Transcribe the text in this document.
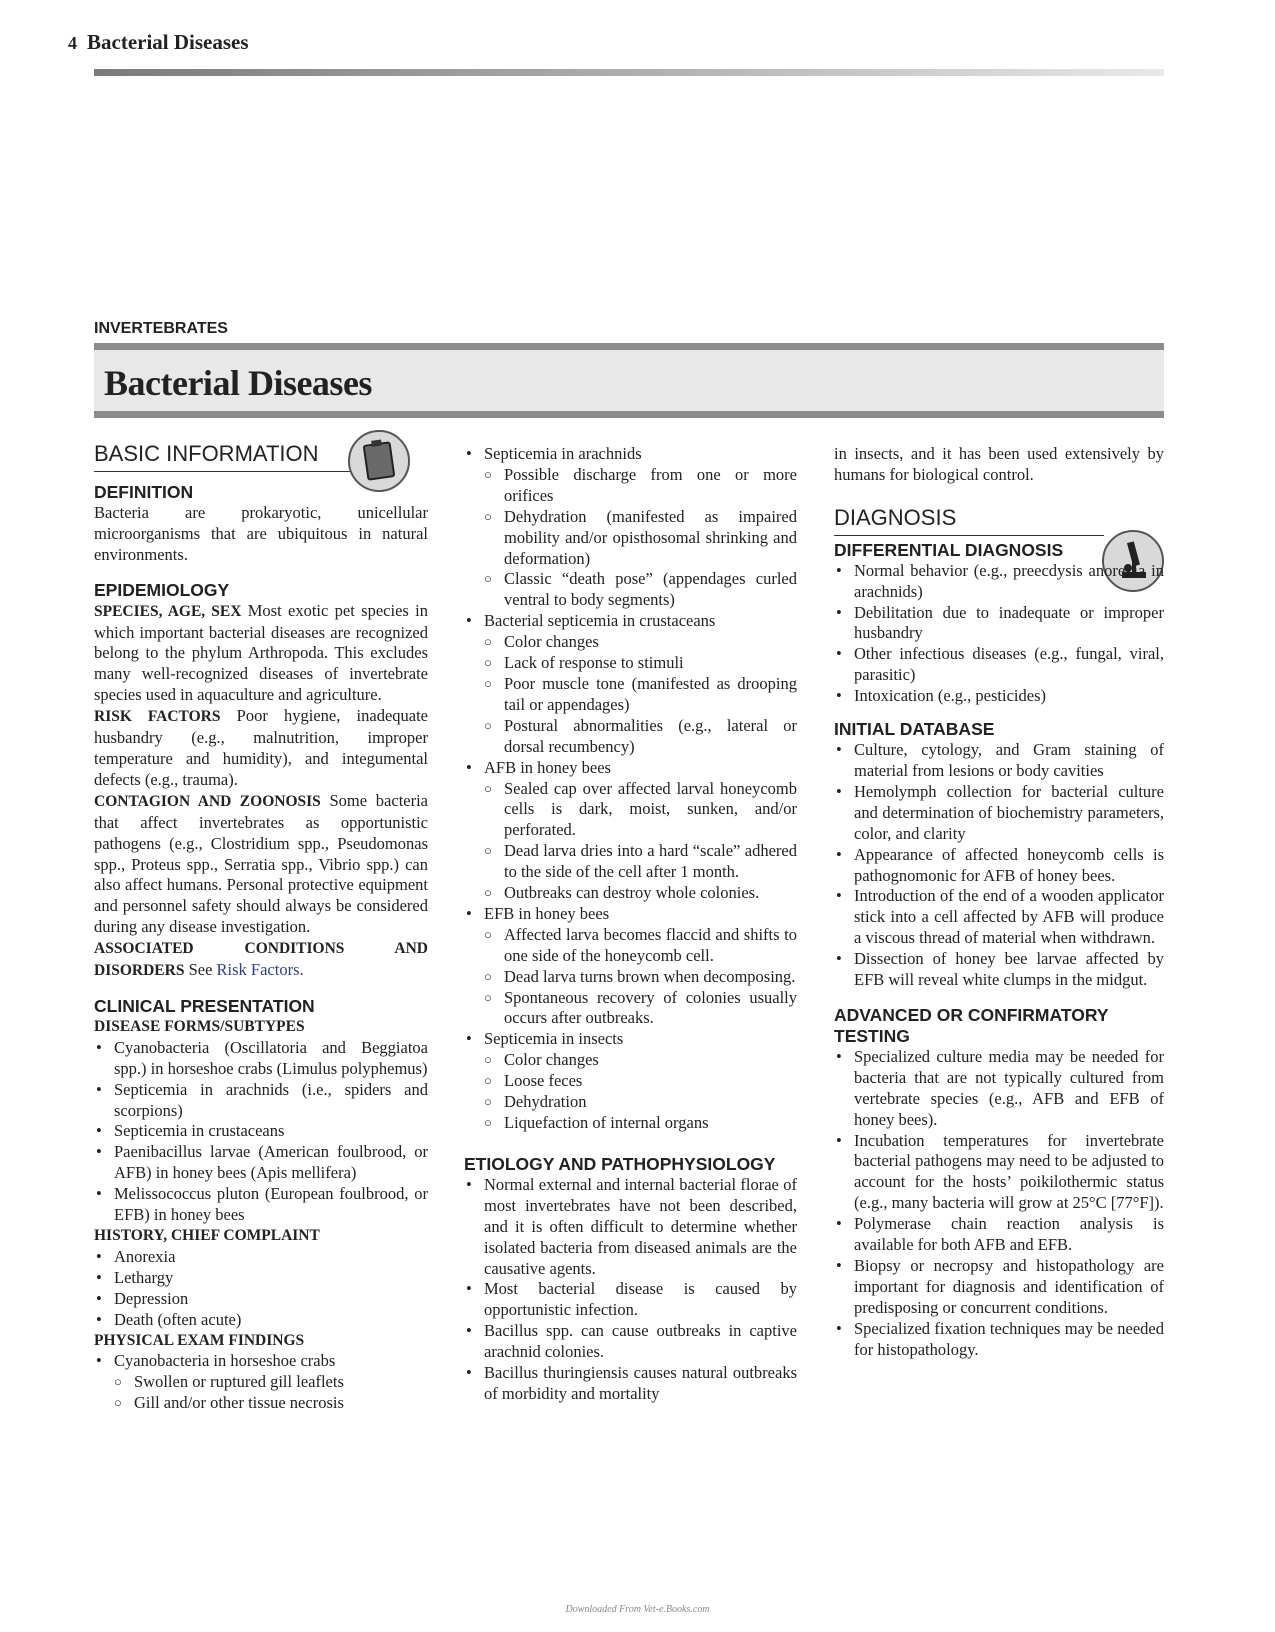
4 Bacterial Diseases
INVERTEBRATES
Bacterial Diseases
BASIC INFORMATION
DEFINITION
Bacteria are prokaryotic, unicellular microorganisms that are ubiquitous in natural environments.
EPIDEMIOLOGY
SPECIES, AGE, SEX Most exotic pet species in which important bacterial diseases are recognized belong to the phylum Arthropoda. This excludes many well-recognized diseases of invertebrate species used in aquaculture and agriculture.
RISK FACTORS Poor hygiene, inadequate husbandry (e.g., malnutrition, improper temperature and humidity), and integumental defects (e.g., trauma).
CONTAGION AND ZOONOSIS Some bacteria that affect invertebrates as opportunistic pathogens (e.g., Clostridium spp., Pseudomonas spp., Proteus spp., Serratia spp., Vibrio spp.) can also affect humans. Personal protective equipment and personnel safety should always be considered during any disease investigation.
ASSOCIATED CONDITIONS AND DISORDERS See Risk Factors.
CLINICAL PRESENTATION
DISEASE FORMS/SUBTYPES
• Cyanobacteria (Oscillatoria and Beggiatoa spp.) in horseshoe crabs (Limulus polyphemus)
• Septicemia in arachnids (i.e., spiders and scorpions)
• Septicemia in crustaceans
• Paenibacillus larvae (American foulbrood, or AFB) in honey bees (Apis mellifera)
• Melissococcus pluton (European foulbrood, or EFB) in honey bees
HISTORY, CHIEF COMPLAINT
• Anorexia
• Lethargy
• Depression
• Death (often acute)
PHYSICAL EXAM FINDINGS
• Cyanobacteria in horseshoe crabs
○ Swollen or ruptured gill leaflets
○ Gill and/or other tissue necrosis
• Septicemia in arachnids
○ Possible discharge from one or more orifices
○ Dehydration (manifested as impaired mobility and/or opisthosomal shrinking and deformation)
○ Classic “death pose” (appendages curled ventral to body segments)
• Bacterial septicemia in crustaceans
○ Color changes
○ Lack of response to stimuli
○ Poor muscle tone (manifested as drooping tail or appendages)
○ Postural abnormalities (e.g., lateral or dorsal recumbency)
• AFB in honey bees
○ Sealed cap over affected larval honeycomb cells is dark, moist, sunken, and/or perforated.
○ Dead larva dries into a hard “scale” adhered to the side of the cell after 1 month.
○ Outbreaks can destroy whole colonies.
• EFB in honey bees
○ Affected larva becomes flaccid and shifts to one side of the honeycomb cell.
○ Dead larva turns brown when decomposing.
○ Spontaneous recovery of colonies usually occurs after outbreaks.
• Septicemia in insects
○ Color changes
○ Loose feces
○ Dehydration
○ Liquefaction of internal organs
ETIOLOGY AND PATHOPHYSIOLOGY
• Normal external and internal bacterial florae of most invertebrates have not been described, and it is often difficult to determine whether isolated bacteria from diseased animals are the causative agents.
• Most bacterial disease is caused by opportunistic infection.
• Bacillus spp. can cause outbreaks in captive arachnid colonies.
• Bacillus thuringiensis causes natural outbreaks of morbidity and mortality
in insects, and it has been used extensively by humans for biological control.
DIAGNOSIS
DIFFERENTIAL DIAGNOSIS
• Normal behavior (e.g., preecdysis anorexia in arachnids)
• Debilitation due to inadequate or improper husbandry
• Other infectious diseases (e.g., fungal, viral, parasitic)
• Intoxication (e.g., pesticides)
INITIAL DATABASE
• Culture, cytology, and Gram staining of material from lesions or body cavities
• Hemolymph collection for bacterial culture and determination of biochemistry parameters, color, and clarity
• Appearance of affected honeycomb cells is pathognomonic for AFB of honey bees.
• Introduction of the end of a wooden applicator stick into a cell affected by AFB will produce a viscous thread of material when withdrawn.
• Dissection of honey bee larvae affected by EFB will reveal white clumps in the midgut.
ADVANCED OR CONFIRMATORY TESTING
• Specialized culture media may be needed for bacteria that are not typically cultured from vertebrate species (e.g., AFB and EFB of honey bees).
• Incubation temperatures for invertebrate bacterial pathogens may need to be adjusted to account for the hosts’ poikilothermic status (e.g., many bacteria will grow at 25°C [77°F]).
• Polymerase chain reaction analysis is available for both AFB and EFB.
• Biopsy or necropsy and histopathology are important for diagnosis and identification of predisposing or concurrent conditions.
• Specialized fixation techniques may be needed for histopathology.
Downloaded From Vet-e.Books.com
